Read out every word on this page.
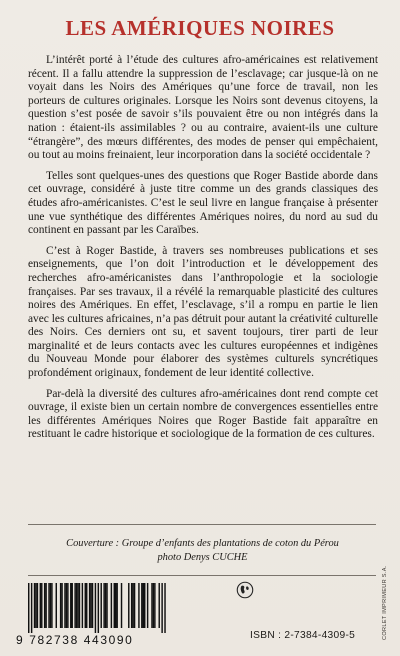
LES AMÉRIQUES NOIRES

L’intérêt porté à l’étude des cultures afro-américaines est relativement récent. Il a fallu attendre la suppression de l’esclavage; car jusque-là on ne voyait dans les Noirs des Amériques qu’une force de travail, non les porteurs de cultures originales. Lorsque les Noirs sont devenus citoyens, la question s’est posée de savoir s’ils pouvaient être ou non intégrés dans la nation : étaient-ils assimilables ? ou au contraire, avaient-ils une culture “étrangère”, des mœurs différentes, des modes de penser qui empêchaient, ou tout au moins freinaient, leur incorporation dans la société occidentale ?

Telles sont quelques-unes des questions que Roger Bastide aborde dans cet ouvrage, considéré à juste titre comme un des grands classiques des études afro-américanistes. C’est le seul livre en langue française à présenter une vue synthétique des différentes Amériques noires, du nord au sud du continent en passant par les Caraïbes.

C’est à Roger Bastide, à travers ses nombreuses publications et ses enseignements, que l’on doit l’introduction et le développement des recherches afro-américanistes dans l’anthropologie et la sociologie françaises. Par ses travaux, il a révélé la remarquable plasticité des cultures noires des Amériques. En effet, l’esclavage, s’il a rompu en partie le lien avec les cultures africaines, n’a pas détruit pour autant la créativité culturelle des Noirs. Ces derniers ont su, et savent toujours, tirer parti de leur marginalité et de leurs contacts avec les cultures européennes et indigènes du Nouveau Monde pour élaborer des systèmes culturels syncrétiques profondément originaux, fondement de leur identité collective.

Par-delà la diversité des cultures afro-américaines dont rend compte cet ouvrage, il existe bien un certain nombre de convergences essentielles entre les différentes Amériques Noires que Roger Bastide fait apparaître en restituant le cadre historique et sociologique de la formation de ces cultures.

Couverture : Groupe d’enfants des plantations de coton du Pérou
photo Denys CUCHE
CORLET IMPRIMEUR S.A.
9 782738 443090	ISBN : 2-7384-4309-5
